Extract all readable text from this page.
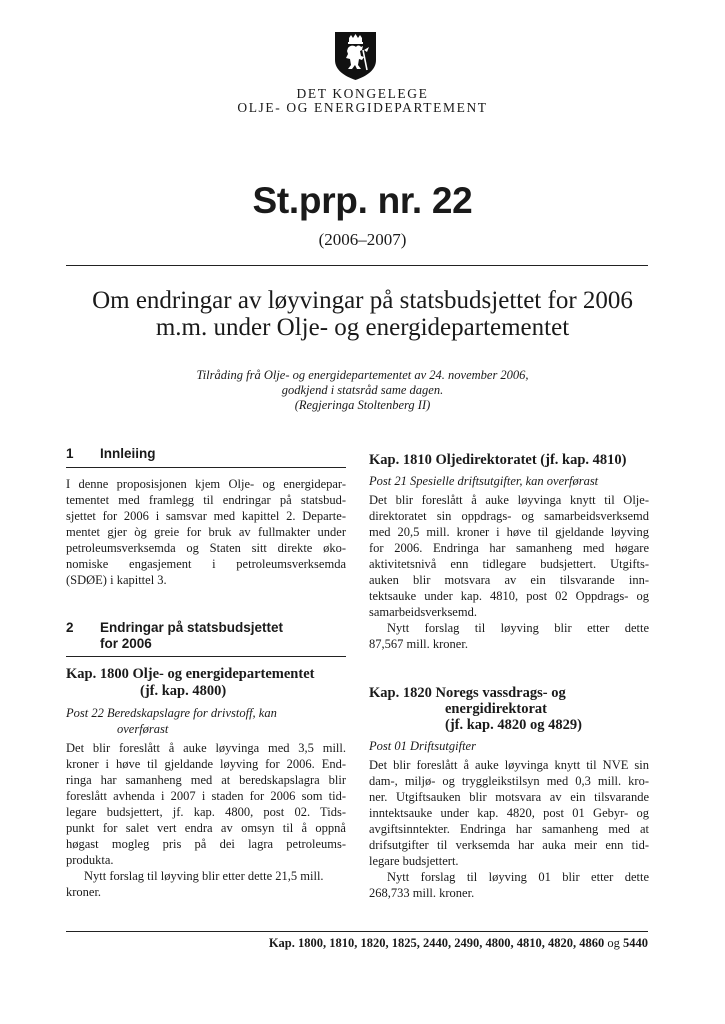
DET KONGELEGE
OLJE- OG ENERGIDEPARTEMENT
St.prp. nr. 22
(2006–2007)
Om endringar av løyvingar på statsbudsjettet for 2006
m.m. under Olje- og energidepartementet
Tilråding frå Olje- og energidepartementet av 24. november 2006,
godkjend i statsråd same dagen.
(Regjeringa Stoltenberg II)
1 Innleiing
I denne proposisjonen kjem Olje- og energidepar-
tementet med framlegg til endringar på statsbud-
sjettet for 2006 i samsvar med kapittel 2. Departe-
mentet gjer òg greie for bruk av fullmakter under
petroleumsverksemda og Staten sitt direkte øko-
nomiske engasjement i petroleumsverksemda
(SDØE) i kapittel 3.
2 Endringar på statsbudsjettet
for 2006
Kap. 1800 Olje- og energidepartementet
(jf. kap. 4800)
Post 22 Beredskapslagre for drivstoff, kan
overførast
Det blir foreslått å auke løyvinga med 3,5 mill.
kroner i høve til gjeldande løyving for 2006. End-
ringa har samanheng med at beredskapslagra blir
foreslått avhenda i 2007 i staden for 2006 som tid-
legare budsjettert, jf. kap. 4800, post 02. Tids-
punkt for salet vert endra av omsyn til å oppnå
høgast mogleg pris på dei lagra petroleums-
produkta.
Nytt forslag til løyving blir etter dette 21,5 mill.
kroner.
Kap. 1810 Oljedirektoratet (jf. kap. 4810)
Post 21 Spesielle driftsutgifter, kan overførast
Det blir foreslått å auke løyvinga knytt til Olje-
direktoratet sin oppdrags- og samarbeidsverksemd
med 20,5 mill. kroner i høve til gjeldande løyving
for 2006. Endringa har samanheng med høgare
aktivitetsnivå enn tidlegare budsjettert. Utgifts-
auken blir motsvara av ein tilsvarande inn-
tektsauke under kap. 4810, post 02 Oppdrags- og
samarbeidsverksemd.
Nytt forslag til løyving blir etter dette
87,567 mill. kroner.
Kap. 1820 Noregs vassdrags- og
energidirektorat
(jf. kap. 4820 og 4829)
Post 01 Driftsutgifter
Det blir foreslått å auke løyvinga knytt til NVE sin
dam-, miljø- og tryggleikstilsyn med 0,3 mill. kro-
ner. Utgiftsauken blir motsvara av ein tilsvarande
inntektsauke under kap. 4820, post 01 Gebyr- og
avgiftsinntekter. Endringa har samanheng med at
drifsutgifter til verksemda har auka meir enn tid-
legare budsjettert.
Nytt forslag til løyving 01 blir etter dette
268,733 mill. kroner.
Kap. 1800, 1810, 1820, 1825, 2440, 2490, 4800, 4810, 4820, 4860 og 5440
